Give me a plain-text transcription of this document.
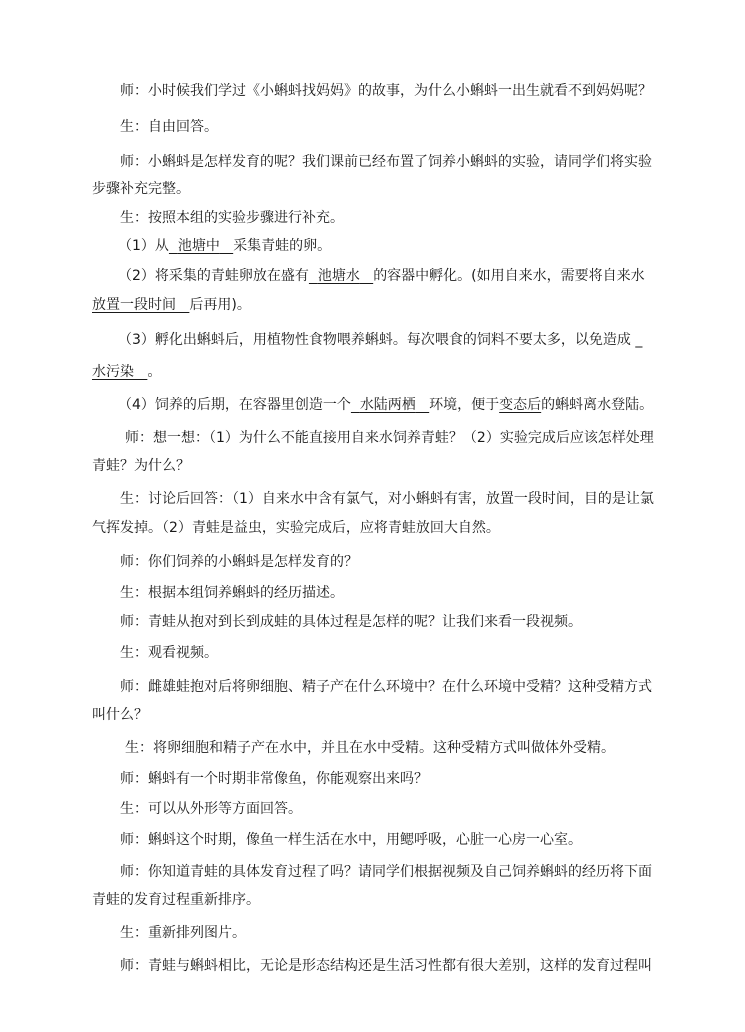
师：小时候我们学过《小蝌蚪找妈妈》的故事，为什么小蝌蚪一出生就看不到妈妈呢？
生：自由回答。
师：小蝌蚪是怎样发育的呢？我们课前已经布置了饲养小蝌蚪的实验，请同学们将实验
步骤补充完整。
生：按照本组的实验步骤进行补充。
（1）从 池塘中 采集青蛙的卵。
（2）将采集的青蛙卵放在盛有 池塘水 的容器中孵化。(如用自来水，需要将自来水
放置一段时间 后再用)。
（3）孵化出蝌蚪后，用植物性食物喂养蝌蚪。每次喂食的饲料不要太多，以免造成 _
水污染 。
（4）饲养的后期，在容器里创造一个 水陆两栖 环境，便于变态后的蝌蚪离水登陆。
师：想一想：（1）为什么不能直接用自来水饲养青蛙？（2）实验完成后应该怎样处理
青蛙？为什么？
生：讨论后回答：（1）自来水中含有氯气，对小蝌蚪有害，放置一段时间，目的是让氯
气挥发掉。（2）青蛙是益虫，实验完成后，应将青蛙放回大自然。
师：你们饲养的小蝌蚪是怎样发育的？
生：根据本组饲养蝌蚪的经历描述。
师：青蛙从抱对到长到成蛙的具体过程是怎样的呢？让我们来看一段视频。
生：观看视频。
师：雌雄蛙抱对后将卵细胞、精子产在什么环境中？在什么环境中受精？这种受精方式
叫什么？
生：将卵细胞和精子产在水中，并且在水中受精。这种受精方式叫做体外受精。
师：蝌蚪有一个时期非常像鱼，你能观察出来吗？
生：可以从外形等方面回答。
师：蝌蚪这个时期，像鱼一样生活在水中，用鳃呼吸，心脏一心房一心室。
师：你知道青蛙的具体发育过程了吗？请同学们根据视频及自己饲养蝌蚪的经历将下面
青蛙的发育过程重新排序。
生：重新排列图片。
师：青蛙与蝌蚪相比，无论是形态结构还是生活习性都有很大差别，这样的发育过程叫
